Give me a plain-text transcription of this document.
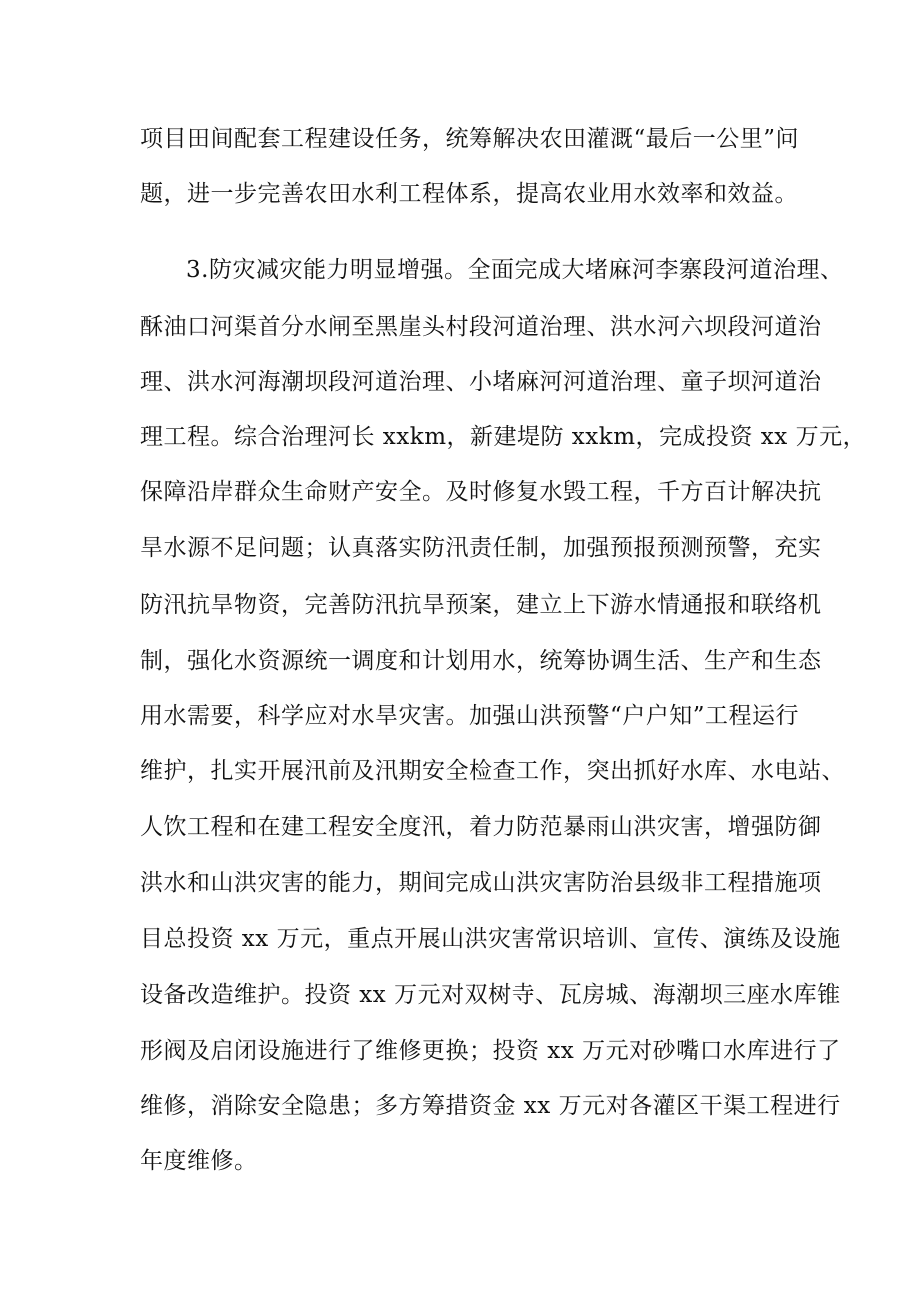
项目田间配套工程建设任务，统筹解决农田灌溉“最后一公里”问
题，进一步完善农田水利工程体系，提高农业用水效率和效益。
3.防灾减灾能力明显增强。全面完成大堵麻河李寨段河道治理、
酥油口河渠首分水闸至黑崖头村段河道治理、洪水河六坝段河道治
理、洪水河海潮坝段河道治理、小堵麻河河道治理、童子坝河道治
理工程。综合治理河长 xxkm，新建堤防 xxkm，完成投资 xx 万元，
保障沿岸群众生命财产安全。及时修复水毁工程，千方百计解决抗
旱水源不足问题；认真落实防汛责任制，加强预报预测预警，充实
防汛抗旱物资，完善防汛抗旱预案，建立上下游水情通报和联络机
制，强化水资源统一调度和计划用水，统筹协调生活、生产和生态
用水需要，科学应对水旱灾害。加强山洪预警“户户知”工程运行
维护，扎实开展汛前及汛期安全检查工作，突出抓好水库、水电站、
人饮工程和在建工程安全度汛，着力防范暴雨山洪灾害，增强防御
洪水和山洪灾害的能力，期间完成山洪灾害防治县级非工程措施项
目总投资 xx 万元，重点开展山洪灾害常识培训、宣传、演练及设施
设备改造维护。投资 xx 万元对双树寺、瓦房城、海潮坝三座水库锥
形阀及启闭设施进行了维修更换；投资 xx 万元对砂嘴口水库进行了
维修，消除安全隐患；多方筹措资金 xx 万元对各灌区干渠工程进行
年度维修。
